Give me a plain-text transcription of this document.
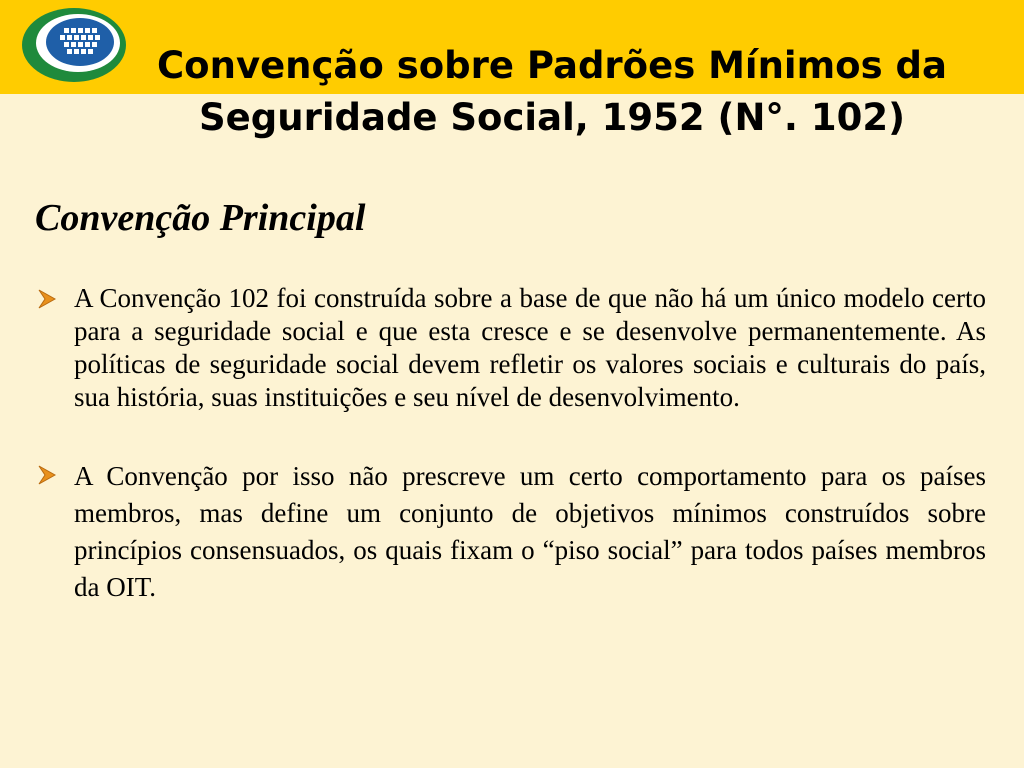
Convenção sobre Padrões Mínimos da
Seguridade Social, 1952 (N°. 102)
Convenção Principal
A Convenção 102 foi construída sobre a base de que não há um único modelo certo para a seguridade social e que esta cresce e se desenvolve permanentemente. As políticas de seguridade social devem refletir os valores sociais e culturais do país, sua história, suas instituições e seu nível de desenvolvimento.
A Convenção por isso não prescreve um certo comportamento para os países membros, mas define um conjunto de objetivos mínimos construídos sobre princípios consensuados, os quais fixam o “piso social” para todos países membros da OIT.
